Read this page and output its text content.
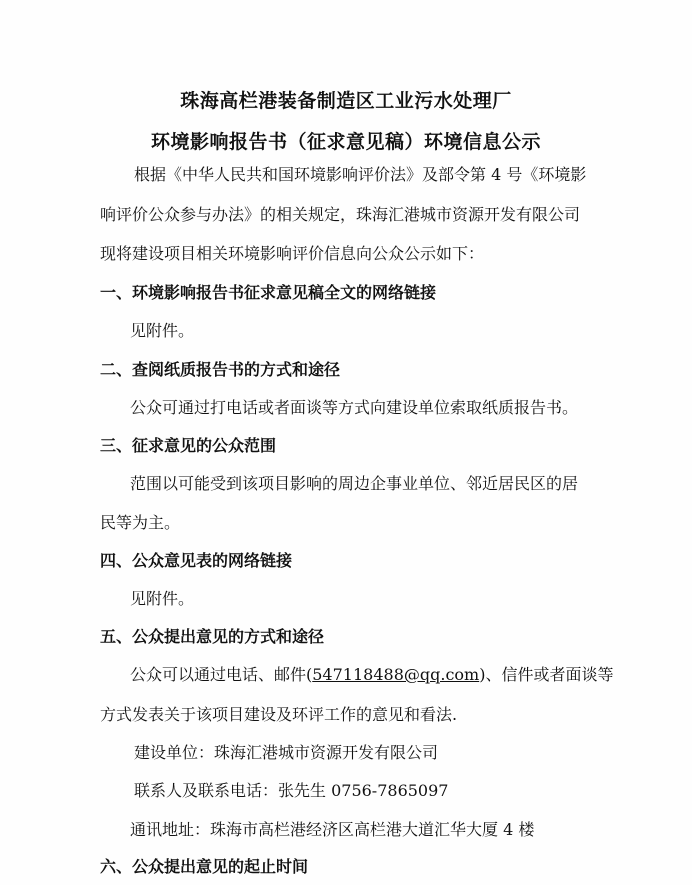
珠海高栏港装备制造区工业污水处理厂
环境影响报告书（征求意见稿）环境信息公示
根据《中华人民共和国环境影响评价法》及部令第 4 号《环境影
响评价公众参与办法》的相关规定，珠海汇港城市资源开发有限公司
现将建设项目相关环境影响评价信息向公众公示如下：
一、环境影响报告书征求意见稿全文的网络链接
见附件。
二、查阅纸质报告书的方式和途径
公众可通过打电话或者面谈等方式向建设单位索取纸质报告书。
三、征求意见的公众范围
范围以可能受到该项目影响的周边企事业单位、邻近居民区的居
民等为主。
四、公众意见表的网络链接
见附件。
五、公众提出意见的方式和途径
公众可以通过电话、邮件(547118488@qq.com)、信件或者面谈等
方式发表关于该项目建设及环评工作的意见和看法.
建设单位：珠海汇港城市资源开发有限公司
联系人及联系电话：张先生 0756-7865097
通讯地址：珠海市高栏港经济区高栏港大道汇华大厦 4 楼
六、公众提出意见的起止时间
